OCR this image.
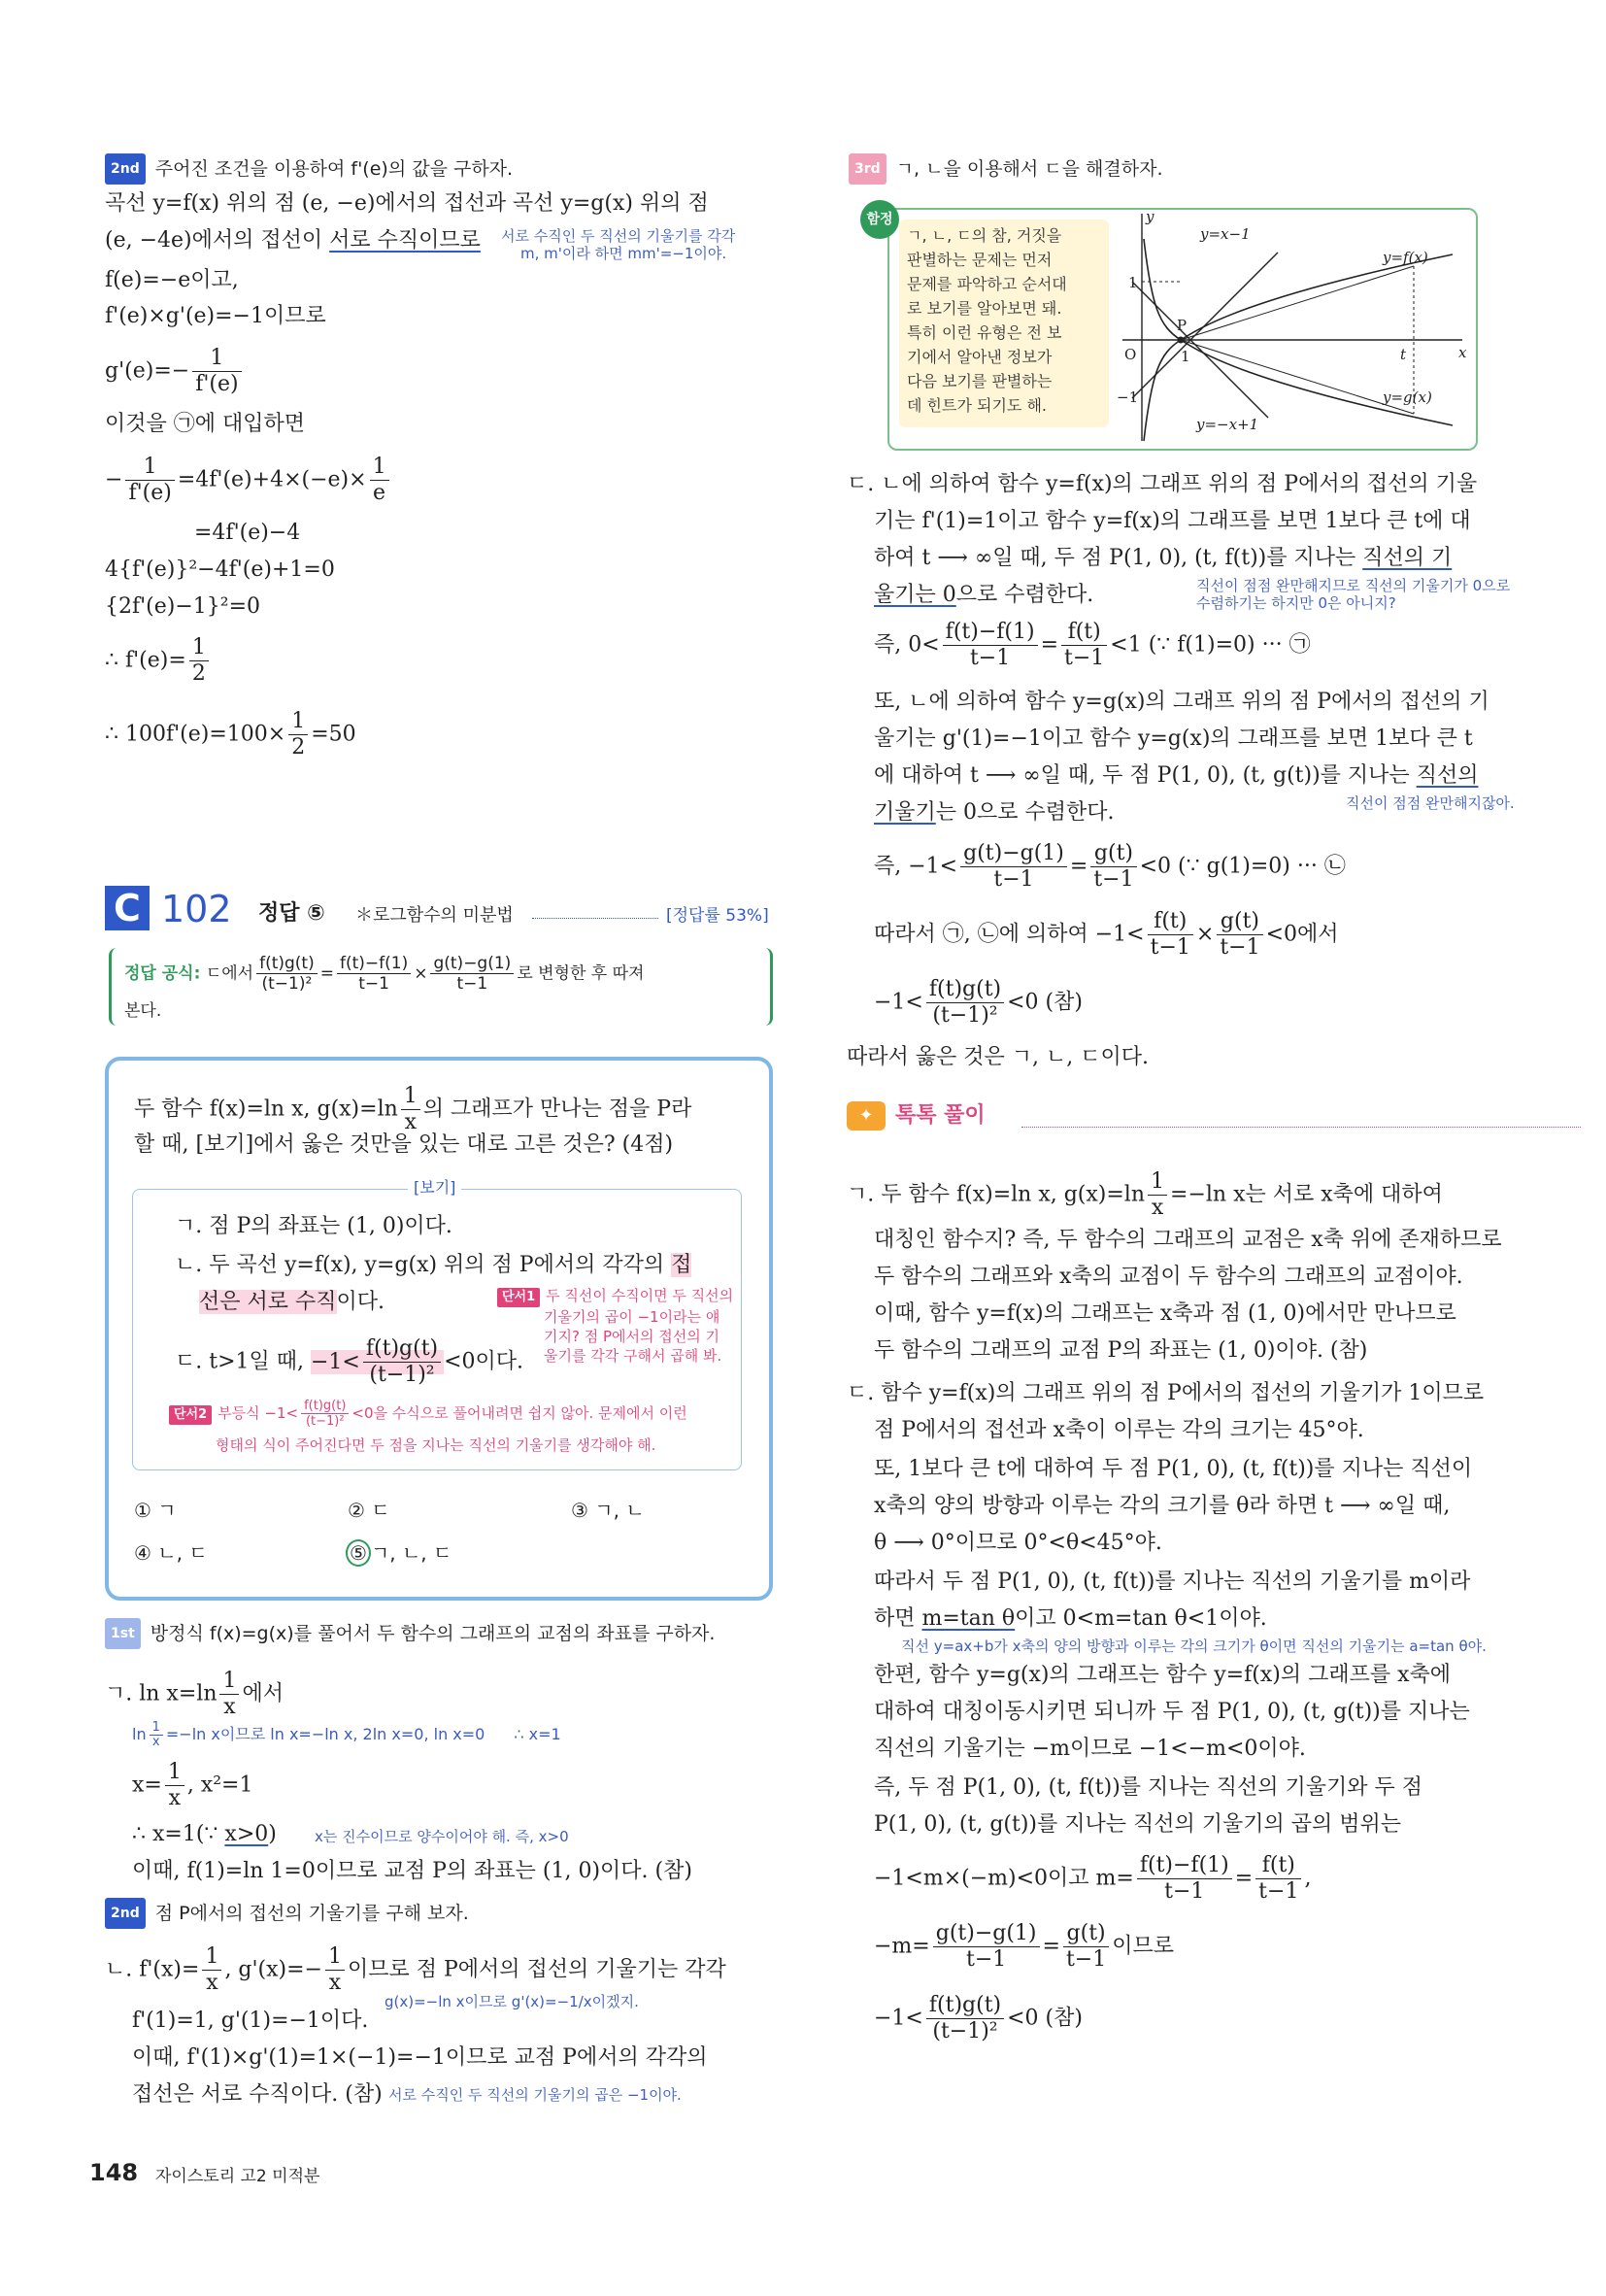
2nd 주어진 조건을 이용하여 f'(e)의 값을 구하자.
곡선 y=f(x) 위의 점 (e, −e)에서의 접선과 곡선 y=g(x) 위의 점
(e, −4e)에서의 접선이 서로 수직이므로 서로 수직인 두 직선의 기울기를 각각
m, m'이라 하면 mm'=−1이야.
f(e)=−e이고,
f'(e)×g'(e)=−1이므로
$g'(e)=- \frac{1}{f'(e)}$
이것을 ㉠에 대입하면
− $\frac{1}{f'(e)} =4f'(e)+4\times(-e)\times \frac{1}{e}$
=4f'(e)−4
4{f'(e)}²−4f'(e)+1=0
{2f'(e)−1}²=0
∴ $f'(e)= \frac{1}{2}$
∴ $100f'(e)=100\times \frac{1}{2} =50$
C 102 정답 ⑤ ＊로그함수의 미분법	[정답률 53%]
정답 공식: ㄷ에서 $\frac{f(t)g(t)}{\text{(t−1)²}} = \frac{f(t)-f(1)}{t-1} \times \frac{g(t)-g(1)}{t-1}$ 로 변형한 후 따져
본다.
두 함수 f(x)=ln x, $g(x)=\ln \frac{1}{x}$ 의 그래프가 만나는 점을 P라
할 때, [보기]에서 옳은 것만을 있는 대로 고른 것은? (4점)
[보기]
ㄱ. 점 P의 좌표는 (1, 0)이다.
ㄴ. 두 곡선 y=f(x), y=g(x) 위의 점 P에서의 각각의 접
선은 서로 수직이다.	단서1 두 직선이 수직이면 두 직선의
기울기의 곱이 −1이라는 얘
기지? 점 P에서의 접선의 기
울기를 각각 구해서 곱해 봐.
ㄷ. t>1일 때, $-1< \frac{f(t)g(t)}{\text{(t−1)²}} <0$이다.
단서2 부등식 $-1< \frac{f(t)g(t)}{\text{(t−1)²}} <0$을 수식으로 풀어내려면 쉽지 않아. 문제에서 이런
형태의 식이 주어진다면 두 점을 지나는 직선의 기울기를 생각해야 해.
① ㄱ	② ㄷ	③ ㄱ, ㄴ
④ ㄴ, ㄷ	⑤ ㄱ, ㄴ, ㄷ
1st 방정식 f(x)=g(x)를 풀어서 두 함수의 그래프의 교점의 좌표를 구하자.
ㄱ. $\ln x=\ln \frac{1}{x}$ 에서
$\ln \frac{1}{x} =-\ln$ x이므로 ln x=−ln x, 2ln x=0, ln x=0 ∴ x=1
$x= \frac{1}{x}$ , x²=1
∴ x=1(∵ x>0)	x는 진수이므로 양수이어야 해. 즉, x>0
이때, f(1)=ln 1=0이므로 교점 P의 좌표는 (1, 0)이다. (참)
2nd 점 P에서의 접선의 기울기를 구해 보자.
ㄴ. $f'(x)= \frac{1}{x}$ , $g'(x)=- \frac{1}{x}$ 이므로 점 P에서의 접선의 기울기는 각각
g(x)=−ln x이므로 g'(x)=−1/x이겠지.
f'(1)=1, g'(1)=−1이다.
이때, f'(1)×g'(1)=1×(−1)=−1이므로 교점 P에서의 각각의
접선은 서로 수직이다. (참) 서로 수직인 두 직선의 기울기의 곱은 −1이야.
3rd ㄱ, ㄴ을 이용해서 ㄷ을 해결하자.
함정
ㄱ, ㄴ, ㄷ의 참, 거짓을
판별하는 문제는 먼저
문제를 파악하고 순서대
로 보기를 알아보면 돼.
특히 이런 유형은 전 보
기에서 알아낸 정보가
다음 보기를 판별하는
데 힌트가 되기도 해.
y
x
O
1
−1
P
1	t
y=x−1
y=f(x)
y=g(x)
y=−x+1
ㄷ. ㄴ에 의하여 함수 y=f(x)의 그래프 위의 점 P에서의 접선의 기울
기는 f'(1)=1이고 함수 y=f(x)의 그래프를 보면 1보다 큰 t에 대
하여 t ⟶ ∞일 때, 두 점 P(1, 0), (t, f(t))를 지나는 직선의 기
울기는 0으로 수렴한다.	직선이 점점 완만해지므로 직선의 기울기가 0으로
수렴하기는 하지만 0은 아니지?
즉, $0< \frac{f(t)-f(1)}{t-1} = \frac{f(t)}{t-1} <1$ (∵ f(1)=0) ··· ㉠
또, ㄴ에 의하여 함수 y=g(x)의 그래프 위의 점 P에서의 접선의 기
울기는 g'(1)=−1이고 함수 y=g(x)의 그래프를 보면 1보다 큰 t
에 대하여 t ⟶ ∞일 때, 두 점 P(1, 0), (t, g(t))를 지나는 직선의
기울기는 0으로 수렴한다.	직선이 점점 완만해지잖아.
즉, $-1< \frac{g(t)-g(1)}{t-1} = \frac{g(t)}{t-1} <0$ (∵ g(1)=0) ··· ㉡
따라서 ㉠, ㉡에 의하여 $-1< \frac{f(t)}{t-1} \times \frac{g(t)}{t-1} <0$에서
$-1< \frac{f(t)g(t)}{\text{(t−1)²}} <0$ (참)
따라서 옳은 것은 ㄱ, ㄴ, ㄷ이다.
✦	톡톡 풀이
ㄱ. 두 함수 f(x)=ln x, $g(x)=\ln \frac{1}{x} =-\ln$ x는 서로 x축에 대하여
대칭인 함수지? 즉, 두 함수의 그래프의 교점은 x축 위에 존재하므로
두 함수의 그래프와 x축의 교점이 두 함수의 그래프의 교점이야.
이때, 함수 y=f(x)의 그래프는 x축과 점 (1, 0)에서만 만나므로
두 함수의 그래프의 교점 P의 좌표는 (1, 0)이야. (참)
ㄷ. 함수 y=f(x)의 그래프 위의 점 P에서의 접선의 기울기가 1이므로
점 P에서의 접선과 x축이 이루는 각의 크기는 45°야.
또, 1보다 큰 t에 대하여 두 점 P(1, 0), (t, f(t))를 지나는 직선이
x축의 양의 방향과 이루는 각의 크기를 θ라 하면 t ⟶ ∞일 때,
θ ⟶ 0°이므로 0°<θ<45°야.
따라서 두 점 P(1, 0), (t, f(t))를 지나는 직선의 기울기를 m이라
하면 m=tan θ이고 0<m=tan θ<1이야.
직선 y=ax+b가 x축의 양의 방향과 이루는 각의 크기가 θ이면 직선의 기울기는 a=tan θ야.
한편, 함수 y=g(x)의 그래프는 함수 y=f(x)의 그래프를 x축에
대하여 대칭이동시키면 되니까 두 점 P(1, 0), (t, g(t))를 지나는
직선의 기울기는 −m이므로 −1<−m<0이야.
즉, 두 점 P(1, 0), (t, f(t))를 지나는 직선의 기울기와 두 점
P(1, 0), (t, g(t))를 지나는 직선의 기울기의 곱의 범위는
−1<m×(−m)<0이고 $m= \frac{f(t)-f(1)}{t-1} = \frac{f(t)}{t-1}$ ,
$-m= \frac{g(t)-g(1)}{t-1} = \frac{g(t)}{t-1}$ 이므로
$-1< \frac{f(t)g(t)}{\text{(t−1)²}} <0$ (참)
148 자이스토리 고2 미적분
